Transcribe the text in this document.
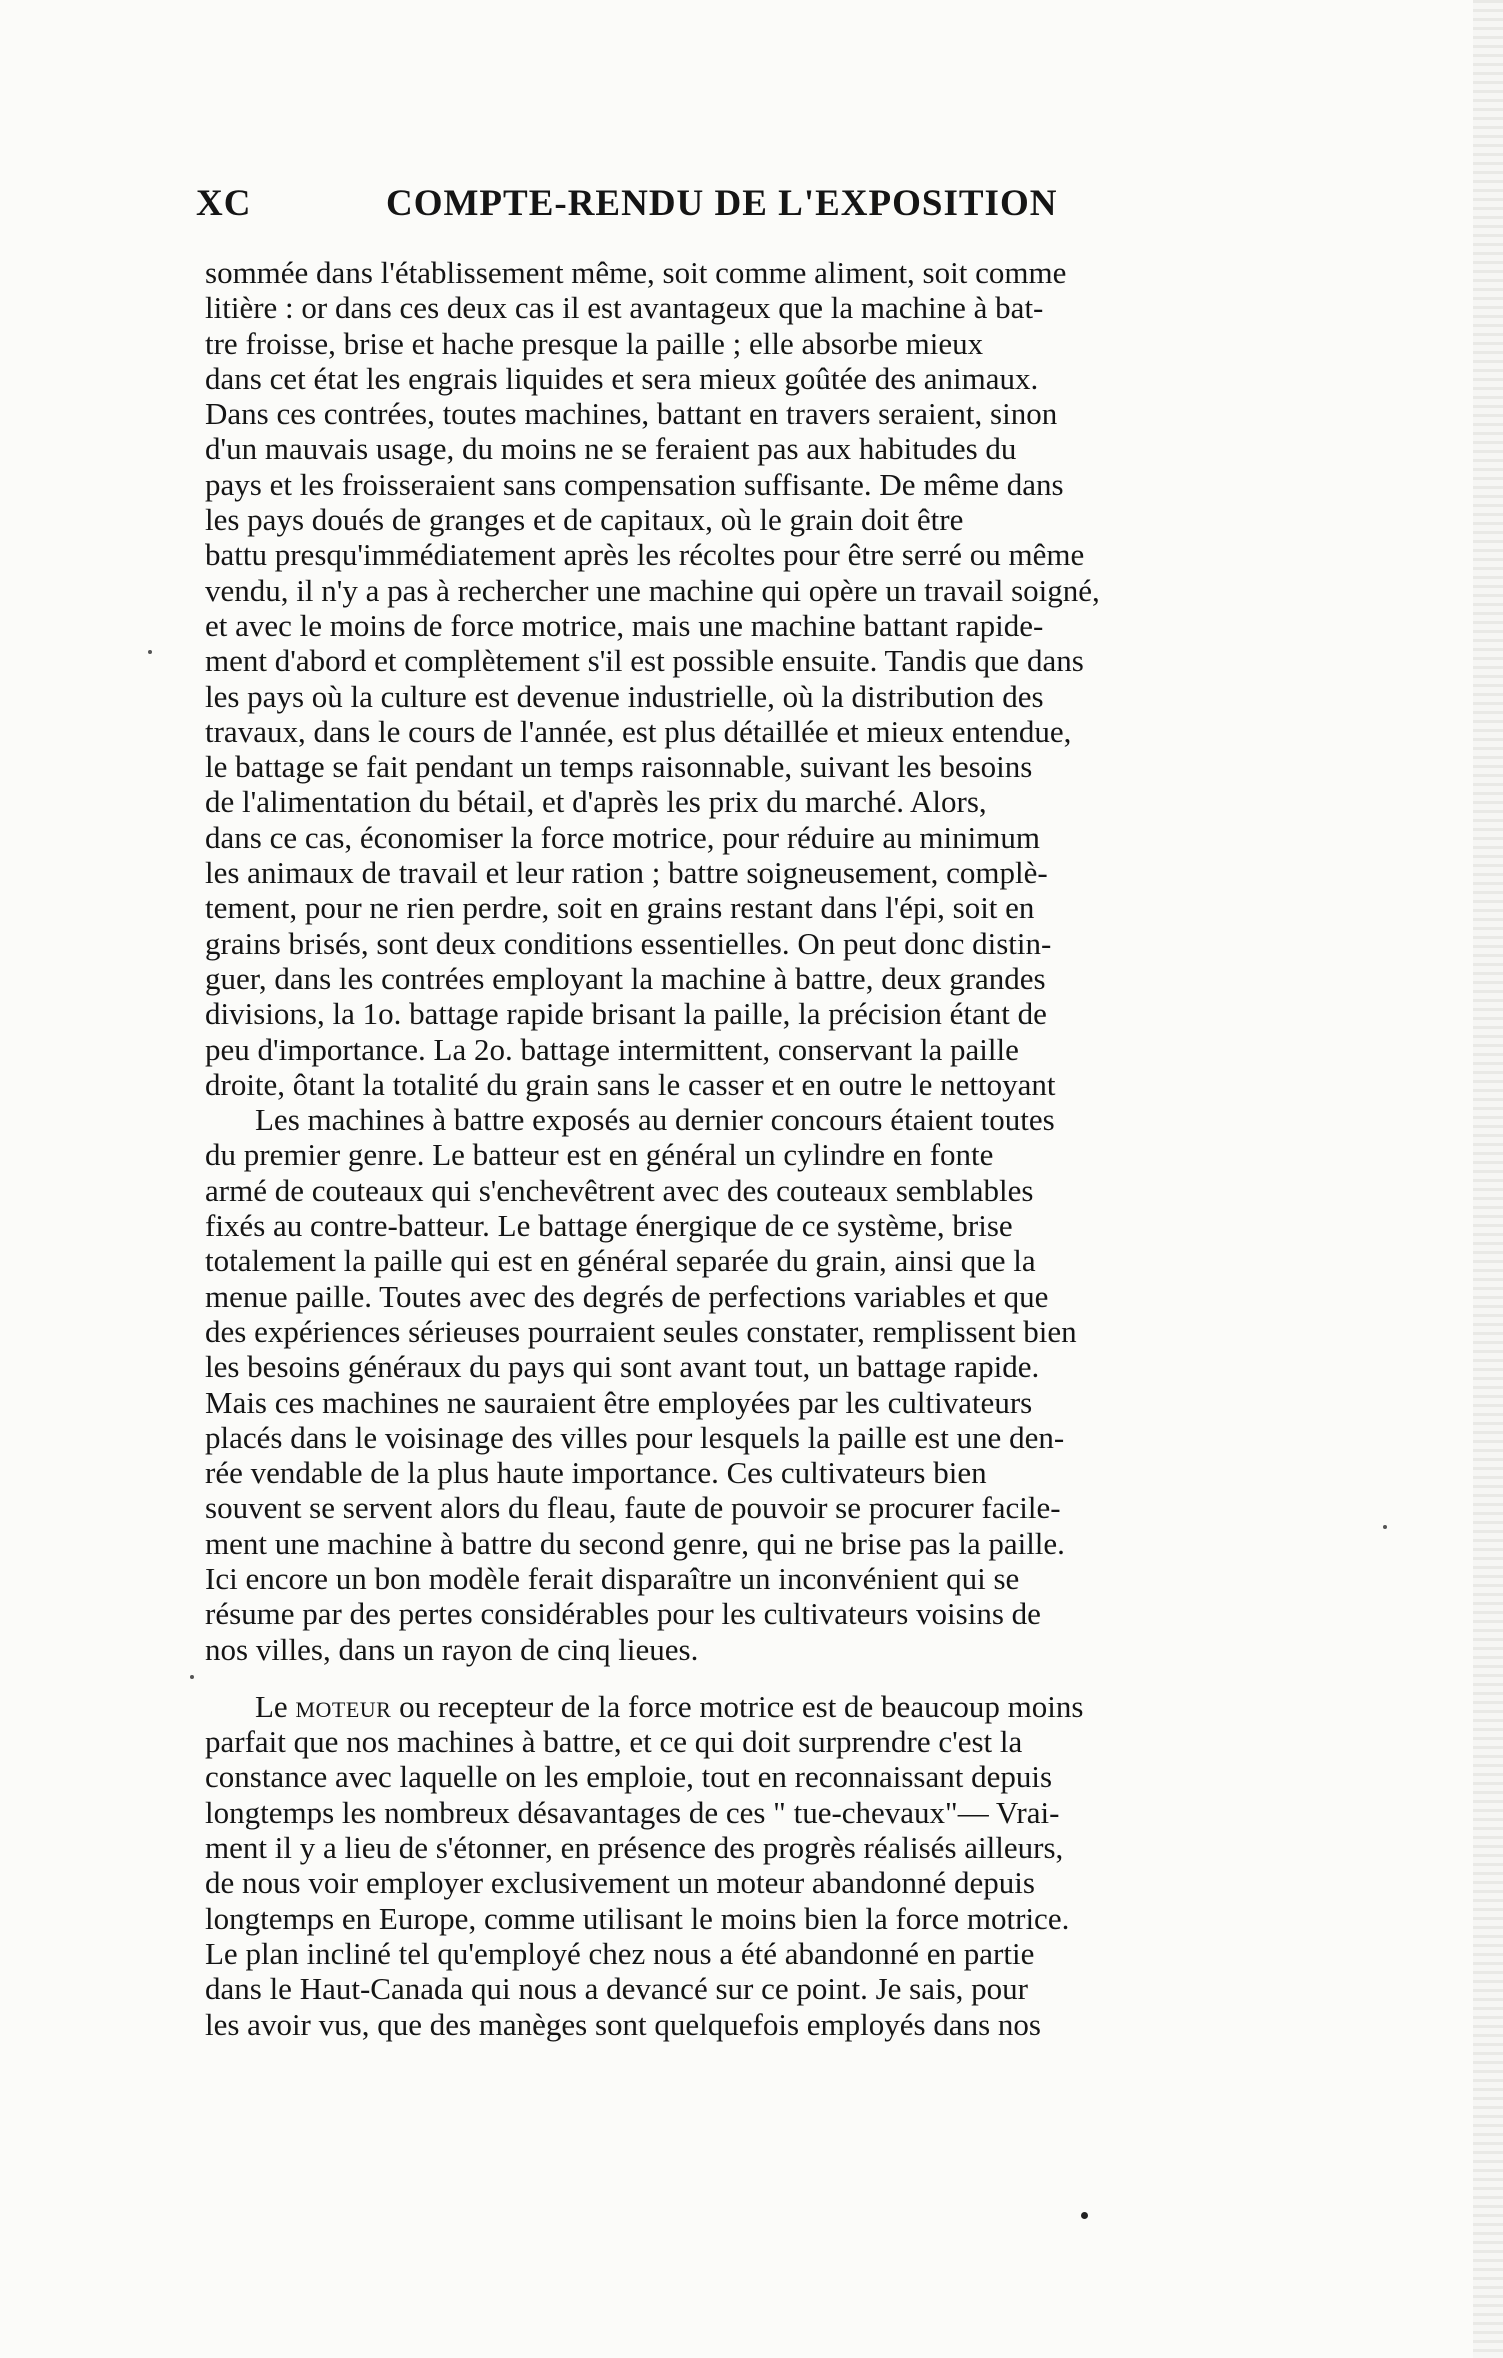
XC	COMPTE-RENDU DE L'EXPOSITION
sommée dans l'établissement même, soit comme aliment, soit comme
litière : or dans ces deux cas il est avantageux que la machine à bat-
tre froisse, brise et hache presque la paille ; elle absorbe mieux
dans cet état les engrais liquides et sera mieux goûtée des animaux.
Dans ces contrées, toutes machines, battant en travers seraient, sinon
d'un mauvais usage, du moins ne se feraient pas aux habitudes du
pays et les froisseraient sans compensation suffisante. De même dans
les pays doués de granges et de capitaux, où le grain doit être
battu presqu'immédiatement après les récoltes pour être serré ou même
vendu, il n'y a pas à rechercher une machine qui opère un travail soigné,
et avec le moins de force motrice, mais une machine battant rapide-
ment d'abord et complètement s'il est possible ensuite. Tandis que dans
les pays où la culture est devenue industrielle, où la distribution des
travaux, dans le cours de l'année, est plus détaillée et mieux entendue,
le battage se fait pendant un temps raisonnable, suivant les besoins
de l'alimentation du bétail, et d'après les prix du marché. Alors,
dans ce cas, économiser la force motrice, pour réduire au minimum
les animaux de travail et leur ration ; battre soigneusement, complè-
tement, pour ne rien perdre, soit en grains restant dans l'épi, soit en
grains brisés, sont deux conditions essentielles. On peut donc distin-
guer, dans les contrées employant la machine à battre, deux grandes
divisions, la 1o. battage rapide brisant la paille, la précision étant de
peu d'importance. La 2o. battage intermittent, conservant la paille
droite, ôtant la totalité du grain sans le casser et en outre le nettoyant
Les machines à battre exposés au dernier concours étaient toutes
du premier genre. Le batteur est en général un cylindre en fonte
armé de couteaux qui s'enchevêtrent avec des couteaux semblables
fixés au contre-batteur. Le battage énergique de ce système, brise
totalement la paille qui est en général separée du grain, ainsi que la
menue paille. Toutes avec des degrés de perfections variables et que
des expériences sérieuses pourraient seules constater, remplissent bien
les besoins généraux du pays qui sont avant tout, un battage rapide.
Mais ces machines ne sauraient être employées par les cultivateurs
placés dans le voisinage des villes pour lesquels la paille est une den-
rée vendable de la plus haute importance. Ces cultivateurs bien
souvent se servent alors du fleau, faute de pouvoir se procurer facile-
ment une machine à battre du second genre, qui ne brise pas la paille.
Ici encore un bon modèle ferait disparaître un inconvénient qui se
résume par des pertes considérables pour les cultivateurs voisins de
nos villes, dans un rayon de cinq lieues.
Le moteur ou recepteur de la force motrice est de beaucoup moins
parfait que nos machines à battre, et ce qui doit surprendre c'est la
constance avec laquelle on les emploie, tout en reconnaissant depuis
longtemps les nombreux désavantages de ces " tue-chevaux"— Vrai-
ment il y a lieu de s'étonner, en présence des progrès réalisés ailleurs,
de nous voir employer exclusivement un moteur abandonné depuis
longtemps en Europe, comme utilisant le moins bien la force motrice.
Le plan incliné tel qu'employé chez nous a été abandonné en partie
dans le Haut-Canada qui nous a devancé sur ce point. Je sais, pour
les avoir vus, que des manèges sont quelquefois employés dans nos
